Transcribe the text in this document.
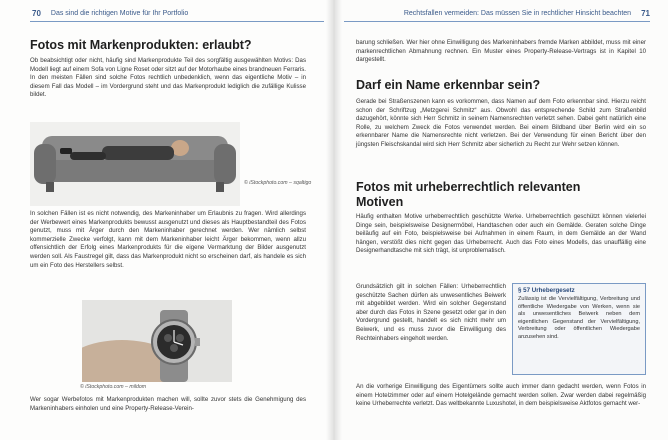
70 Das sind die richtigen Motive für Ihr Portfolio
Fotos mit Markenprodukten: erlaubt?
Ob beabsichtigt oder nicht, häufig sind Markenprodukte Teil des sorgfältig ausgewählten Motivs: Das Modell liegt auf einem Sofa von Ligne Roset oder sitzt auf der Motorhaube eines brandneuen Ferraris. In den meisten Fällen sind solche Fotos rechtlich unbedenklich, wenn das eigentliche Motiv – in diesem Fall das Modell – im Vordergrund steht und das Markenprodukt lediglich die zufällige Kulisse bildet.
© iStockphoto.com – sqaltigo
In solchen Fällen ist es nicht notwendig, des Markeninhaber um Erlaubnis zu fragen. Wird allerdings der Werbewert eines Markenprodukts bewusst ausgenutzt und dieses als Hauptbestandteil des Fotos genutzt, muss mit Ärger durch den Markeninhaber gerechnet werden. Wer nämlich selbst kommerzielle Zwecke verfolgt, kann mit dem Markeninhaber leicht Ärger bekommen, wenn allzu offensichtlich der Erfolg eines Markenprodukts für die eigene Vermarktung der Bilder ausgenutzt werden soll. Als Faustregel gilt, dass das Markenprodukt nicht so erscheinen darf, als handele es sich um ein Foto des Herstellers selbst.
© iStockphoto.com – mildom
Wer sogar Werbefotos mit Markenprodukten machen will, sollte zuvor stets die Genehmigung des Markeninhabers einholen und eine Property-Release-Verein-
Rechtsfallen vermeiden: Das müssen Sie in rechtlicher Hinsicht beachten 71
barung schließen. Wer hier ohne Einwilligung des Markeninhabers fremde Marken abbildet, muss mit einer markenrechtlichen Abmahnung rechnen. Ein Muster eines Property-Release-Vertrags ist in Kapitel 10 dargestellt.
Darf ein Name erkennbar sein?
Gerade bei Straßenszenen kann es vorkommen, dass Namen auf dem Foto erkennbar sind. Hierzu reicht schon der Schriftzug „Metzgerei Schmitz“ aus. Obwohl das entsprechende Schild zum Straßenbild dazugehört, könnte sich Herr Schmitz in seinem Namensrechten verletzt sehen. Dabei geht natürlich eine Rolle, zu welchem Zweck die Fotos verwendet werden. Bei einem Bildband über Berlin wird ein so erkennbarer Name die Namensrechte nicht verletzen. Bei der Verwendung für einen Bericht über den jüngsten Fleischskandal wird sich Herr Schmitz aber sicherlich zu Recht zur Wehr setzen können.
Fotos mit urheberrechtlich relevanten Motiven
Häufig enthalten Motive urheberrechtlich geschützte Werke. Urheberrechtlich geschützt können vielerlei Dinge sein, beispielsweise Designermöbel, Handtaschen oder auch ein Gemälde. Geraten solche Dinge beiläufig auf ein Foto, beispielsweise bei Aufnahmen in einem Raum, in dem Gemälde an der Wand hängen, verstößt dies nicht gegen das Urheberrecht. Auch das Foto eines Modells, das unauffällig eine Designerhandtasche mit sich trägt, ist unproblematisch.
Grundsätzlich gilt in solchen Fällen: Urheberrechtlich geschützte Sachen dürfen als unwesentliches Beiwerk mit abgebildet werden. Wird ein solcher Gegenstand aber durch das Fotos in Szene gesetzt oder gar in den Vordergrund gestellt, handelt es sich nicht mehr um Beiwerk, und es muss zuvor die Einwilligung des Rechteinhabers eingeholt werden.
§ 57 Urhebergesetz
Zulässig ist die Vervielfältigung, Verbreitung und öffentliche Wiedergabe von Werken, wenn sie als unwesentliches Beiwerk neben dem eigentlichen Gegenstand der Vervielfältigung, Verbreitung oder öffentlichen Wiedergabe anzusehen sind.
An die vorherige Einwilligung des Eigentümers sollte auch immer dann gedacht werden, wenn Fotos in einem Hotelzimmer oder auf einem Hotelgelände gemacht werden sollen. Zwar werden dabei regelmäßig keine Urheberrechte verletzt. Das weltbekannte Luxushotel, in dem beispielsweise Aktfotos gemacht wer-
